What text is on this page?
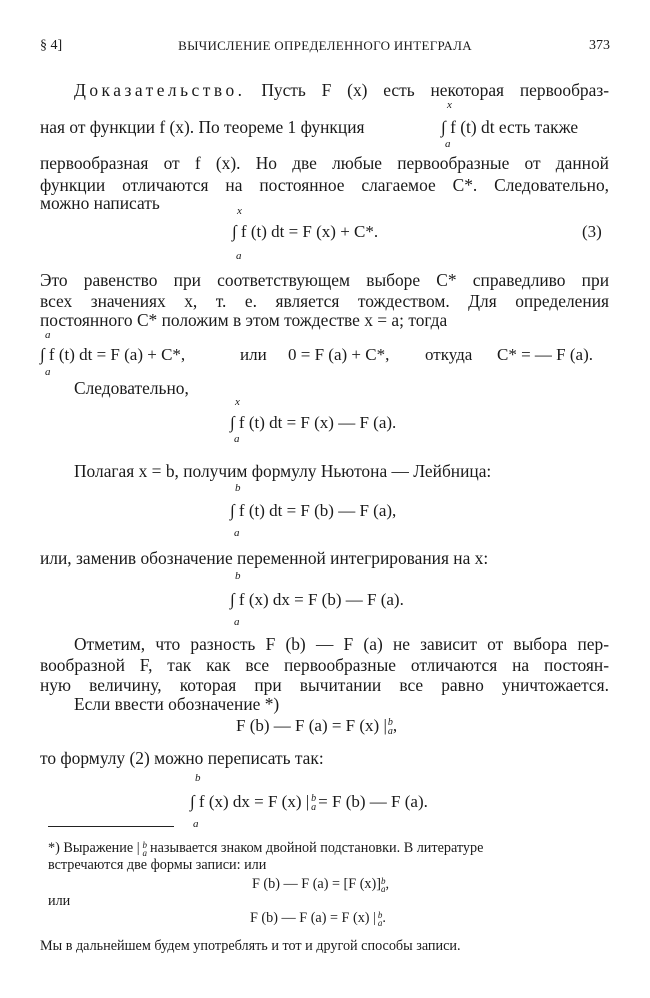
§ 4]	ВЫЧИСЛЕНИЕ ОПРЕДЕЛЕННОГО ИНТЕГРАЛА	373
Доказательство. Пусть F (x) есть некоторая первообраз-
x
ная от функции f (x). По теореме 1 функция	∫ f (t) dt есть также
a
первообразная от f (x). Но две любые первообразные от данной
функции отличаются на постоянное слагаемое C*. Следовательно,
можно написать	x
∫ f (t) dt = F (x) + C*.	(3)
a
Это равенство при соответствующем выборе C* справедливо при
всех значениях x, т. е. является тождеством. Для определения
постоянного C* положим в этом тождестве x = a; тогда
a
∫ f (t) dt = F (a) + C*,	или 0 = F (a) + C*, откуда C* = — F (a).
a
Следовательно,
x
∫ f (t) dt = F (x) — F (a).
a
Полагая x = b, получим формулу Ньютона — Лейбница:
b
∫ f (t) dt = F (b) — F (a),
a
или, заменив обозначение переменной интегрирования на x:
b
∫ f (x) dx = F (b) — F (a).
a
Отметим, что разность F (b) — F (a) не зависит от выбора пер-
вообразной F, так как все первообразные отличаются на постоян-
ную величину, которая при вычитании все равно уничтожается.
Если ввести обозначение *)
F (b) — F (a) = F (x) | b
a ,
то формулу (2) можно переписать так:
b
∫ f (x) dx = F (x) | b
a = F (b) — F (a).
a
*) Выражение | b
a называется знаком двойной подстановки. В литературе
встречаются две формы записи: или
F (b) — F (a) = [F (x)] b
a ,
или
F (b) — F (a) = F (x) | b
a .
Мы в дальнейшем будем употреблять и тот и другой способы записи.
